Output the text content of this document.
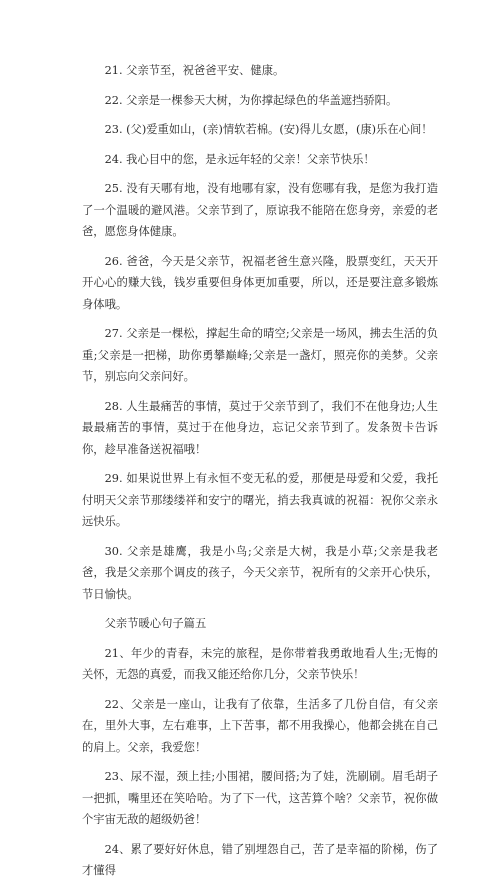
21. 父亲节至，祝爸爸平安、健康。

22. 父亲是一棵参天大树，为你撑起绿色的华盖遮挡骄阳。

23. (父)爱重如山，(亲)情软若棉。(安)得儿女愿，(康)乐在心间！

24. 我心目中的您，是永远年轻的父亲！父亲节快乐！

25. 没有天哪有地，没有地哪有家，没有您哪有我，是您为我打造了一个温暖的避风港。父亲节到了，原谅我不能陪在您身旁，亲爱的老爸，愿您身体健康。

26. 爸爸，今天是父亲节，祝福老爸生意兴隆，股票变红，天天开开心心的赚大钱，钱岁重要但身体更加重要，所以，还是要注意多锻炼身体哦。

27. 父亲是一棵松，撑起生命的晴空;父亲是一场风，拂去生活的负重;父亲是一把梯，助你勇攀巅峰;父亲是一盏灯，照亮你的美梦。父亲节，别忘向父亲问好。

28. 人生最痛苦的事情，莫过于父亲节到了，我们不在他身边;人生最最痛苦的事情，莫过于在他身边，忘记父亲节到了。发条贺卡告诉你，趁早准备送祝福哦！

29. 如果说世界上有永恒不变无私的爱，那便是母爱和父爱，我托付明天父亲节那缕缕祥和安宁的曙光，捎去我真诚的祝福：祝你父亲永远快乐。

30. 父亲是雄鹰，我是小鸟;父亲是大树，我是小草;父亲是我老爸，我是父亲那个调皮的孩子，今天父亲节，祝所有的父亲开心快乐，节日愉快。

父亲节暖心句子篇五

21、年少的青春，未完的旅程，是你带着我勇敢地看人生;无悔的关怀，无怨的真爱，而我又能还给你几分，父亲节快乐！

22、父亲是一座山，让我有了依靠，生活多了几份自信，有父亲在，里外大事，左右难事，上下苦事，都不用我操心，他都会挑在自己的肩上。父亲，我爱您！

23、尿不湿，颈上挂;小围裙，腰间搭;为了娃，洗刷刷。眉毛胡子一把抓，嘴里还在笑哈哈。为了下一代，这苦算个啥？父亲节，祝你做个宇宙无敌的超级奶爸！

24、累了要好好休息，错了别埋怨自己，苦了是幸福的阶梯，伤了才懂得
